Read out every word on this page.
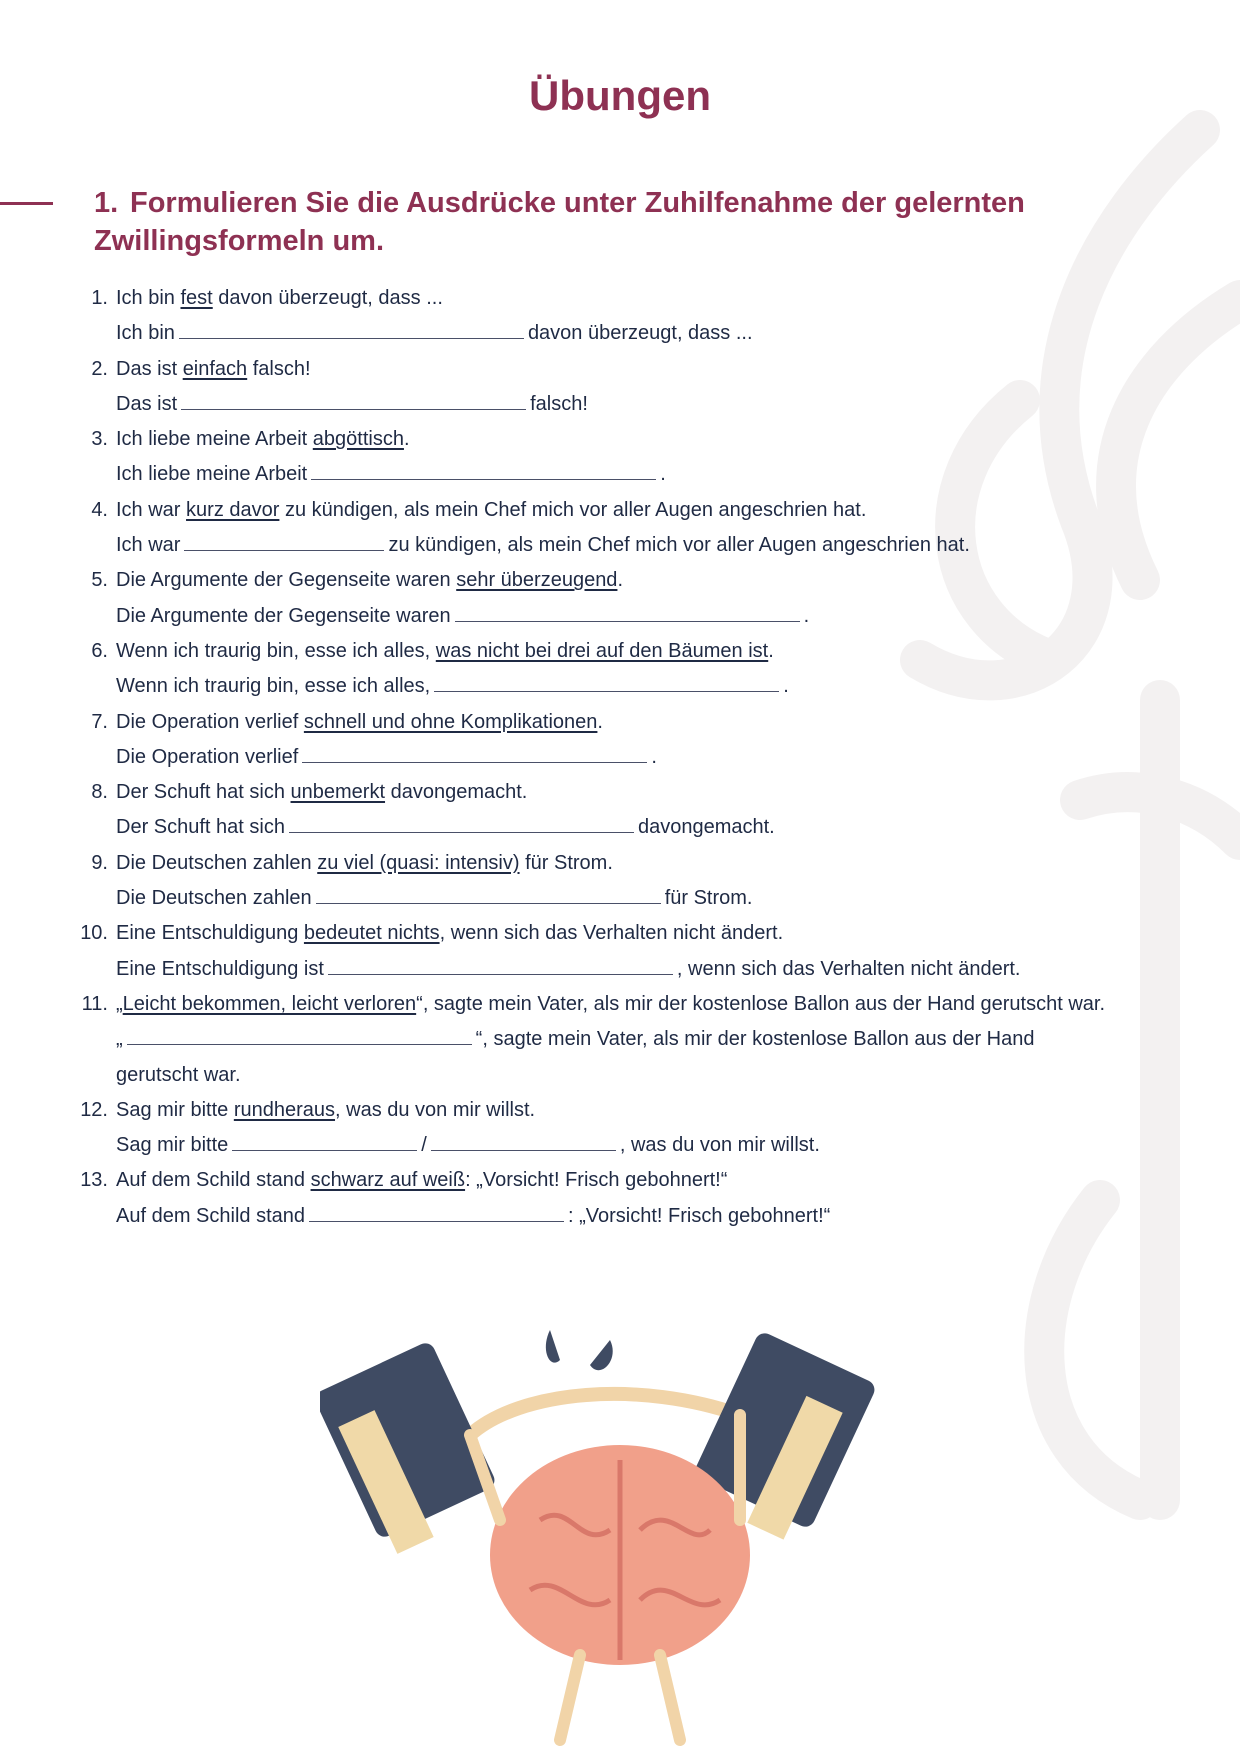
Übungen
1. Formulieren Sie die Ausdrücke unter Zuhilfenahme der gelernten Zwillingsformeln um.
1. Ich bin fest davon überzeugt, dass ...
Ich bin	davon überzeugt, dass ...
2. Das ist einfach falsch!
Das ist	falsch!
3. Ich liebe meine Arbeit abgöttisch.
Ich liebe meine Arbeit	.
4. Ich war kurz davor zu kündigen, als mein Chef mich vor aller Augen angeschrien hat.
Ich war	zu kündigen, als mein Chef mich vor aller Augen angeschrien hat.
5. Die Argumente der Gegenseite waren sehr überzeugend.
Die Argumente der Gegenseite waren	.
6. Wenn ich traurig bin, esse ich alles, was nicht bei drei auf den Bäumen ist.
Wenn ich traurig bin, esse ich alles,	.
7. Die Operation verlief schnell und ohne Komplikationen.
Die Operation verlief	.
8. Der Schuft hat sich unbemerkt davongemacht.
Der Schuft hat sich	davongemacht.
9. Die Deutschen zahlen zu viel (quasi: intensiv) für Strom.
Die Deutschen zahlen	für Strom.
10. Eine Entschuldigung bedeutet nichts, wenn sich das Verhalten nicht ändert.
Eine Entschuldigung ist	, wenn sich das Verhalten nicht ändert.
11. „Leicht bekommen, leicht verloren“, sagte mein Vater, als mir der kostenlose Ballon aus der Hand gerutscht war.
„	“, sagte mein Vater, als mir der kostenlose Ballon aus der Hand gerutscht war.
12. Sag mir bitte rundheraus, was du von mir willst.
Sag mir bitte	/	, was du von mir willst.
13. Auf dem Schild stand schwarz auf weiß: „Vorsicht! Frisch gebohnert!“
Auf dem Schild stand	: „Vorsicht! Frisch gebohnert!“
